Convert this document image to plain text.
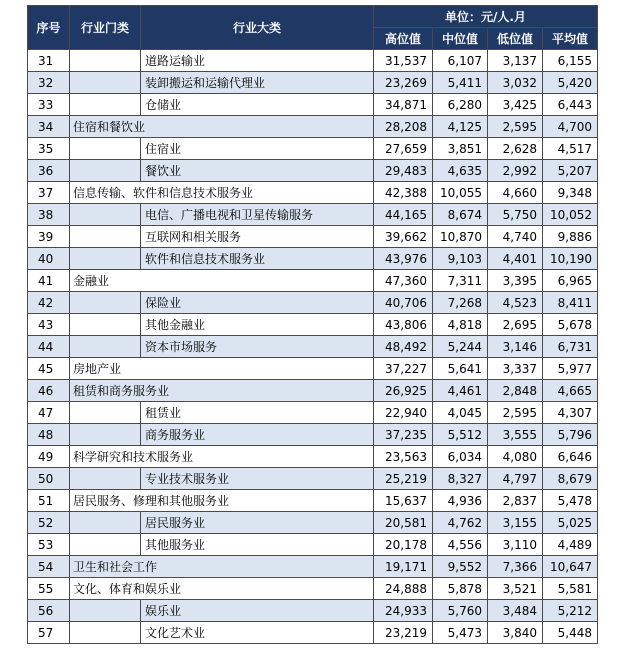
序号	行业门类	行业大类	单位：元/人.月			
			高位值	中位值	低位值	平均值
31		道路运输业	31,537	6,107	3,137	6,155
32		装卸搬运和运输代理业	23,269	5,411	3,032	5,420
33		仓储业	34,871	6,280	3,425	6,443
34	住宿和餐饮业		28,208	4,125	2,595	4,700
35		住宿业	27,659	3,851	2,628	4,517
36		餐饮业	29,483	4,635	2,992	5,207
37	信息传输、软件和信息技术服务业		42,388	10,055	4,660	9,348
38		电信、广播电视和卫星传输服务	44,165	8,674	5,750	10,052
39		互联网和相关服务	39,662	10,870	4,740	9,886
40		软件和信息技术服务业	43,976	9,103	4,401	10,190
41	金融业		47,360	7,311	3,395	6,965
42		保险业	40,706	7,268	4,523	8,411
43		其他金融业	43,806	4,818	2,695	5,678
44		资本市场服务	48,492	5,244	3,146	6,731
45	房地产业		37,227	5,641	3,337	5,977
46	租赁和商务服务业		26,925	4,461	2,848	4,665
47		租赁业	22,940	4,045	2,595	4,307
48		商务服务业	37,235	5,512	3,555	5,796
49	科学研究和技术服务业		23,563	6,034	4,080	6,646
50		专业技术服务业	25,219	8,327	4,797	8,679
51	居民服务、修理和其他服务业		15,637	4,936	2,837	5,478
52		居民服务业	20,581	4,762	3,155	5,025
53		其他服务业	20,178	4,556	3,110	4,489
54	卫生和社会工作		19,171	9,552	7,366	10,647
55	文化、体育和娱乐业		24,888	5,878	3,521	5,581
56		娱乐业	24,933	5,760	3,484	5,212
57		文化艺术业	23,219	5,473	3,840	5,448
